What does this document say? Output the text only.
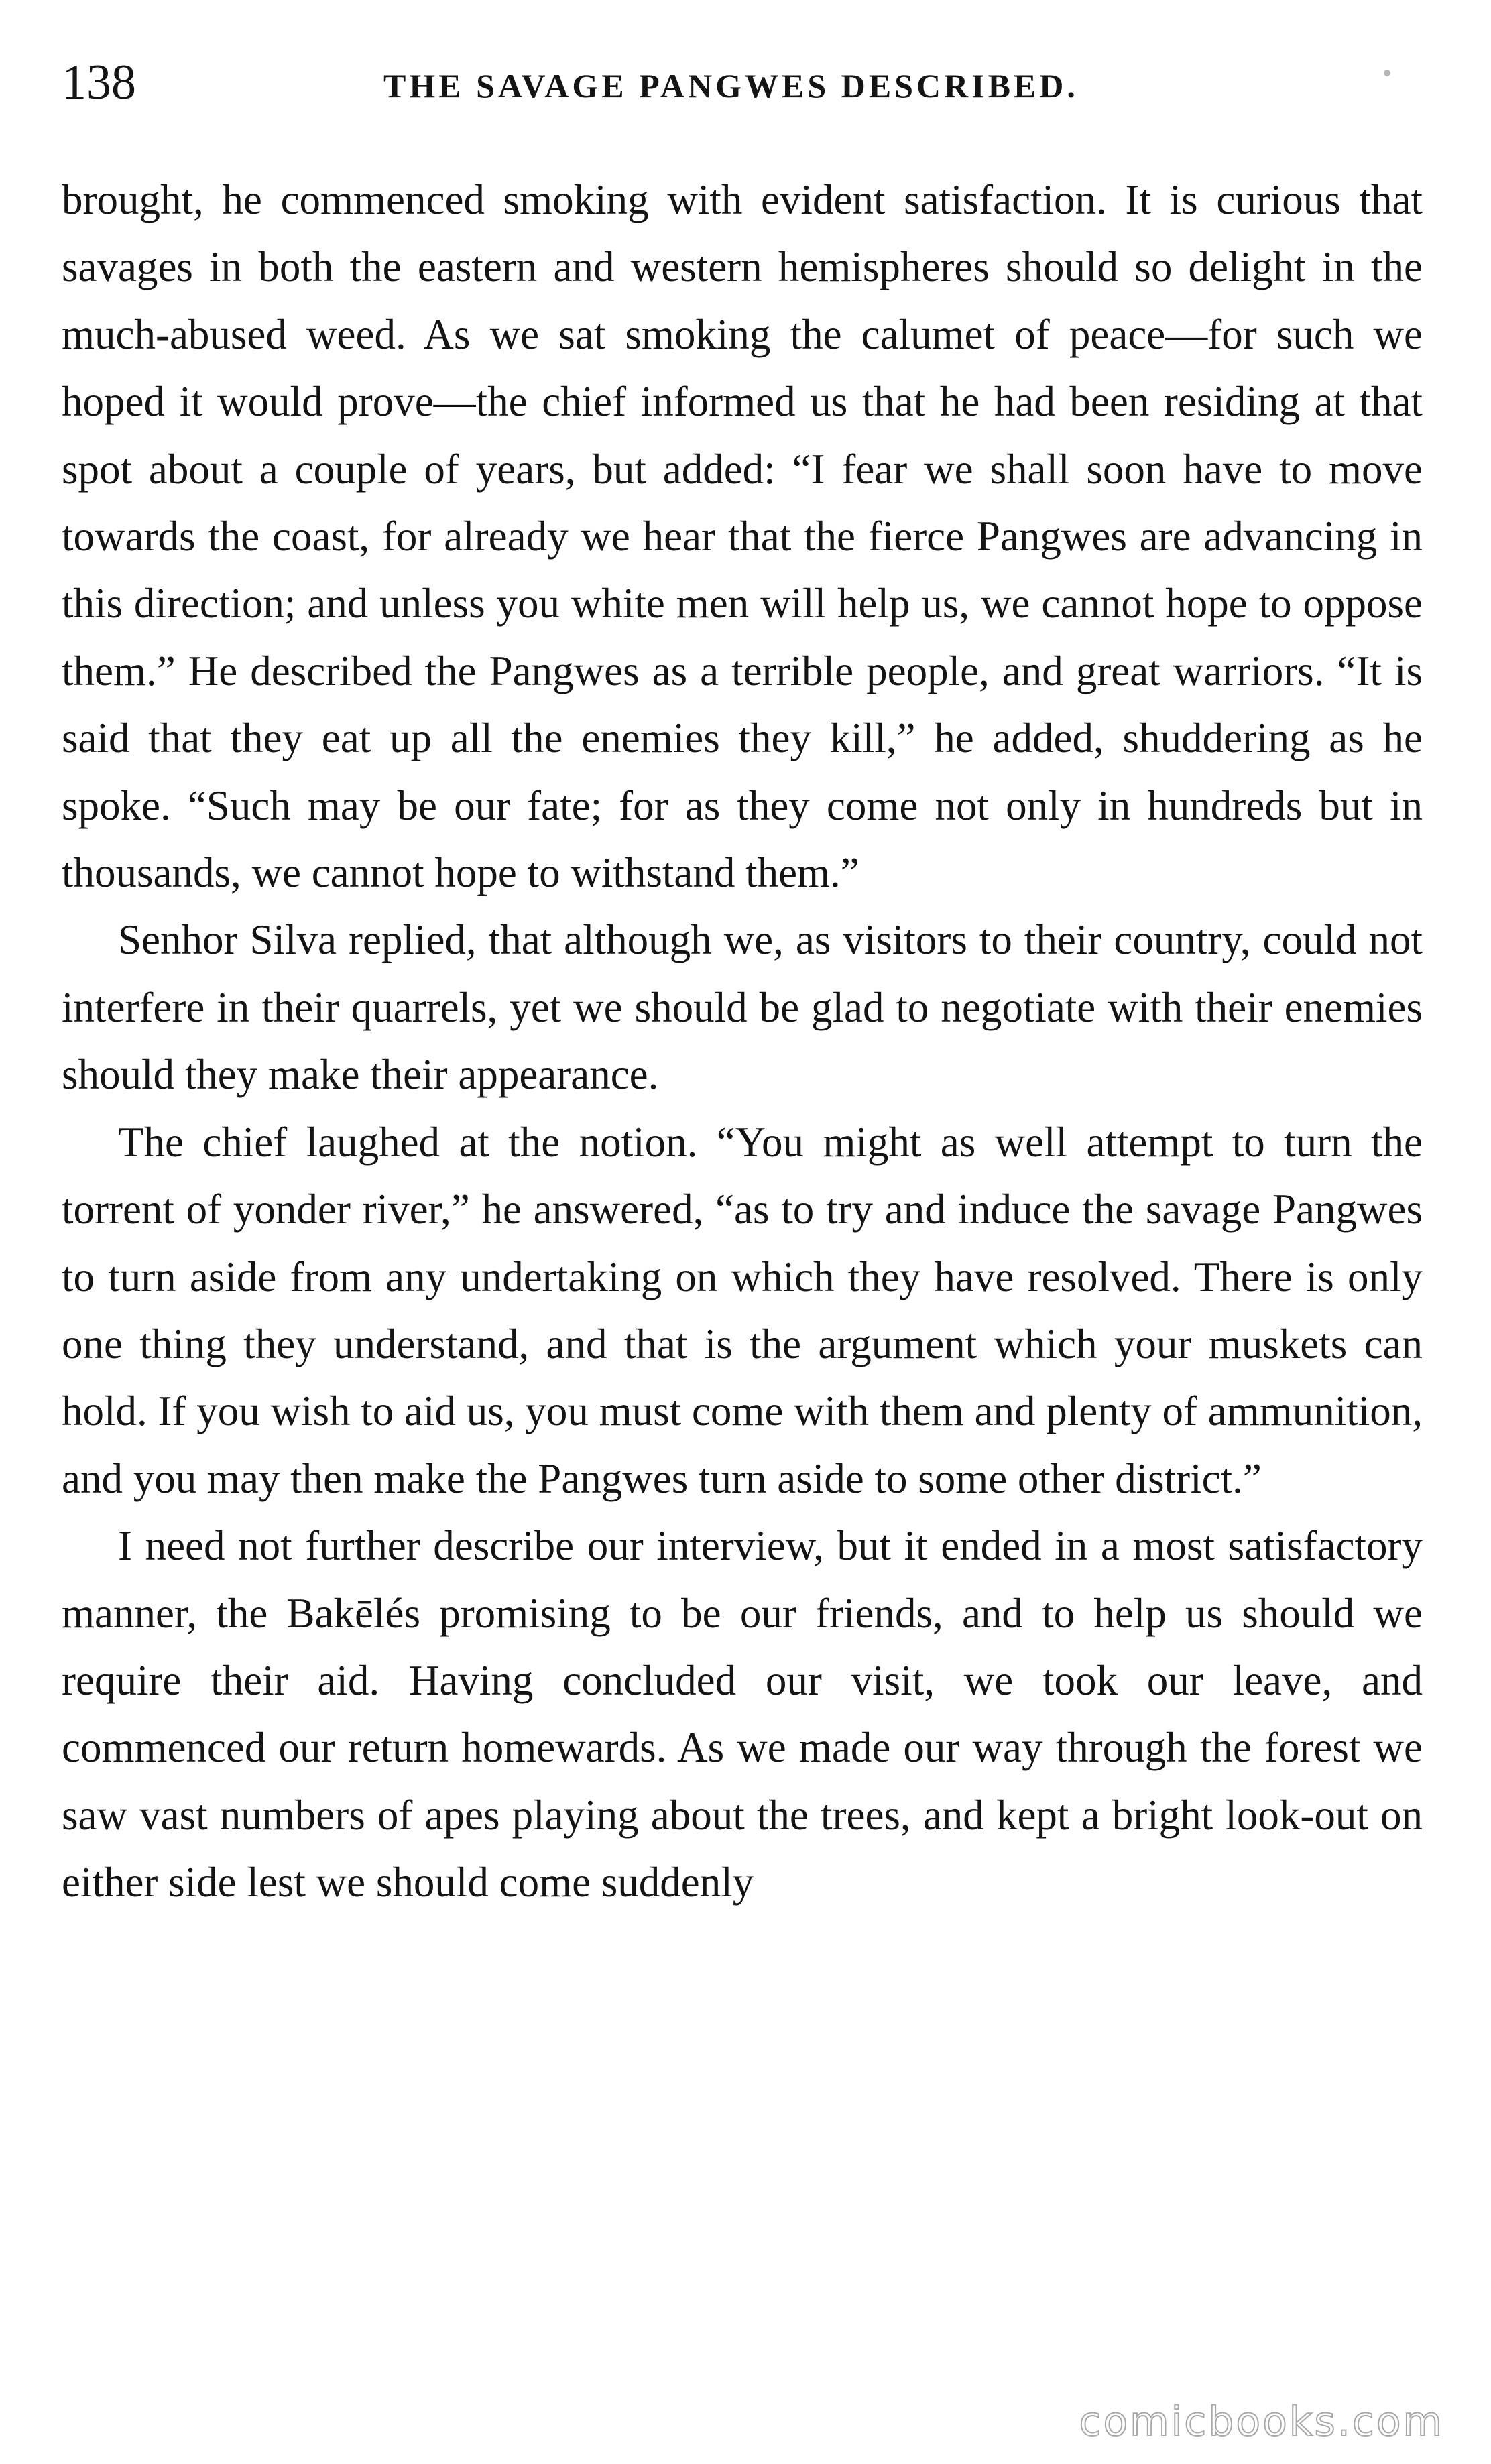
138	THE SAVAGE PANGWES DESCRIBED.

brought, he commenced smoking with evident satisfaction. It is curious that savages in both the eastern and western hemispheres should so delight in the much-abused weed. As we sat smoking the calumet of peace—for such we hoped it would prove—the chief informed us that he had been residing at that spot about a couple of years, but added: “I fear we shall soon have to move towards the coast, for already we hear that the fierce Pangwes are advancing in this direction; and unless you white men will help us, we cannot hope to oppose them.” He described the Pangwes as a terrible people, and great warriors. “It is said that they eat up all the enemies they kill,” he added, shuddering as he spoke. “Such may be our fate; for as they come not only in hundreds but in thousands, we cannot hope to withstand them.”

Senhor Silva replied, that although we, as visitors to their country, could not interfere in their quarrels, yet we should be glad to negotiate with their enemies should they make their appearance.

The chief laughed at the notion. “You might as well attempt to turn the torrent of yonder river,” he answered, “as to try and induce the savage Pangwes to turn aside from any undertaking on which they have resolved. There is only one thing they understand, and that is the argument which your muskets can hold. If you wish to aid us, you must come with them and plenty of ammunition, and you may then make the Pangwes turn aside to some other district.”

I need not further describe our interview, but it ended in a most satisfactory manner, the Bakēlés promising to be our friends, and to help us should we require their aid. Having concluded our visit, we took our leave, and commenced our return homewards. As we made our way through the forest we saw vast numbers of apes playing about the trees, and kept a bright look-out on either side lest we should come suddenly

comicbooks.com
